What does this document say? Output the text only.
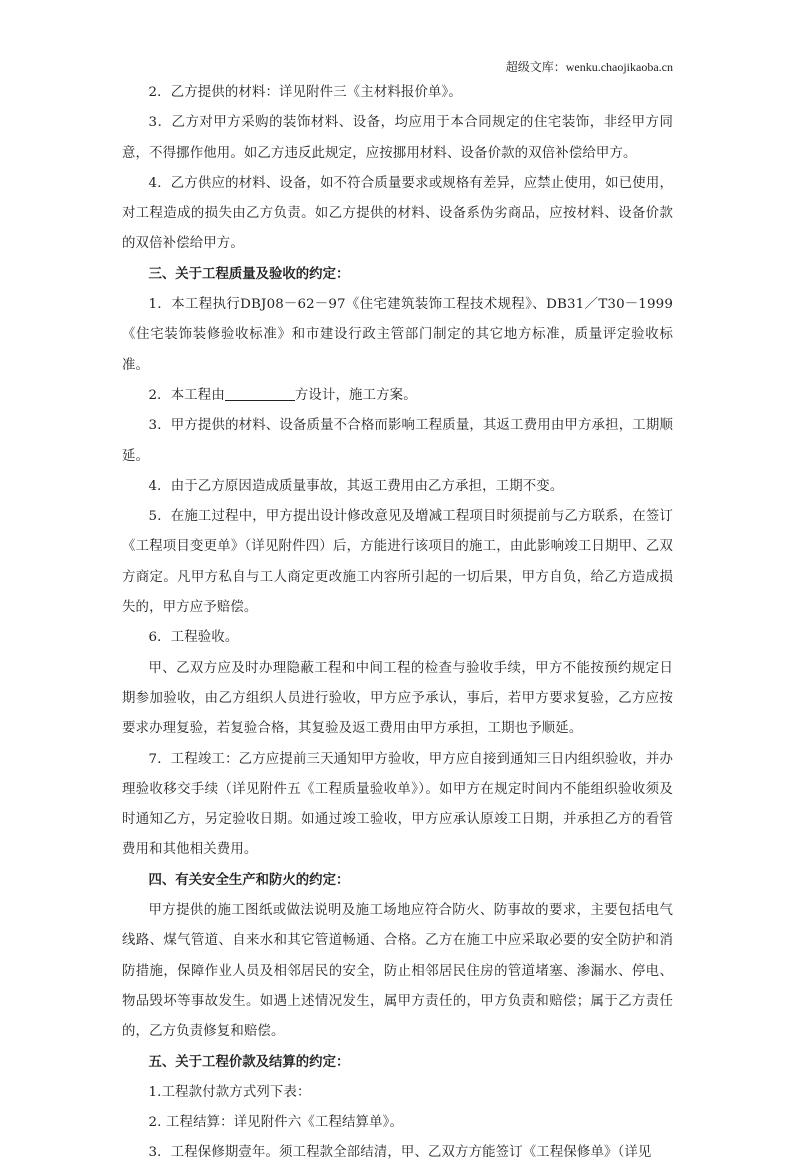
超级文库：wenku.chaojikaoba.cn

2．乙方提供的材料：详见附件三《主材料报价单》。

3．乙方对甲方采购的装饰材料、设备，均应用于本合同规定的住宅装饰，非经甲方同意，不得挪作他用。如乙方违反此规定，应按挪用材料、设备价款的双倍补偿给甲方。

4．乙方供应的材料、设备，如不符合质量要求或规格有差异，应禁止使用，如已使用，对工程造成的损失由乙方负责。如乙方提供的材料、设备系伪劣商品，应按材料、设备价款的双倍补偿给甲方。

三、关于工程质量及验收的约定：

1．本工程执行DBJ08－62－97《住宅建筑装饰工程技术规程》、DB31／T30－1999《住宅装饰装修验收标准》和市建设行政主管部门制定的其它地方标准，质量评定验收标准。

2．本工程由	方设计，施工方案。

3．甲方提供的材料、设备质量不合格而影响工程质量，其返工费用由甲方承担，工期顺延。

4．由于乙方原因造成质量事故，其返工费用由乙方承担，工期不变。

5．在施工过程中，甲方提出设计修改意见及增减工程项目时须提前与乙方联系，在签订《工程项目变更单》（详见附件四）后，方能进行该项目的施工，由此影响竣工日期甲、乙双方商定。凡甲方私自与工人商定更改施工内容所引起的一切后果，甲方自负，给乙方造成损失的，甲方应予赔偿。

6．工程验收。

甲、乙双方应及时办理隐蔽工程和中间工程的检查与验收手续，甲方不能按预约规定日期参加验收，由乙方组织人员进行验收，甲方应予承认，事后，若甲方要求复验，乙方应按要求办理复验，若复验合格，其复验及返工费用由甲方承担，工期也予顺延。

7．工程竣工：乙方应提前三天通知甲方验收，甲方应自接到通知三日内组织验收，并办理验收移交手续（详见附件五《工程质量验收单》）。如甲方在规定时间内不能组织验收须及时通知乙方，另定验收日期。如通过竣工验收，甲方应承认原竣工日期，并承担乙方的看管费用和其他相关费用。

四、有关安全生产和防火的约定：

甲方提供的施工图纸或做法说明及施工场地应符合防火、防事故的要求，主要包括电气线路、煤气管道、自来水和其它管道畅通、合格。乙方在施工中应采取必要的安全防护和消防措施，保障作业人员及相邻居民的安全，防止相邻居民住房的管道堵塞、渗漏水、停电、物品毁坏等事故发生。如遇上述情况发生，属甲方责任的，甲方负责和赔偿；属于乙方责任的，乙方负责修复和赔偿。

五、关于工程价款及结算的约定：

1.工程款付款方式列下表：

2. 工程结算：详见附件六《工程结算单》。

3．工程保修期壹年。须工程款全部结清，甲、乙双方方能签订《工程保修单》（详见
